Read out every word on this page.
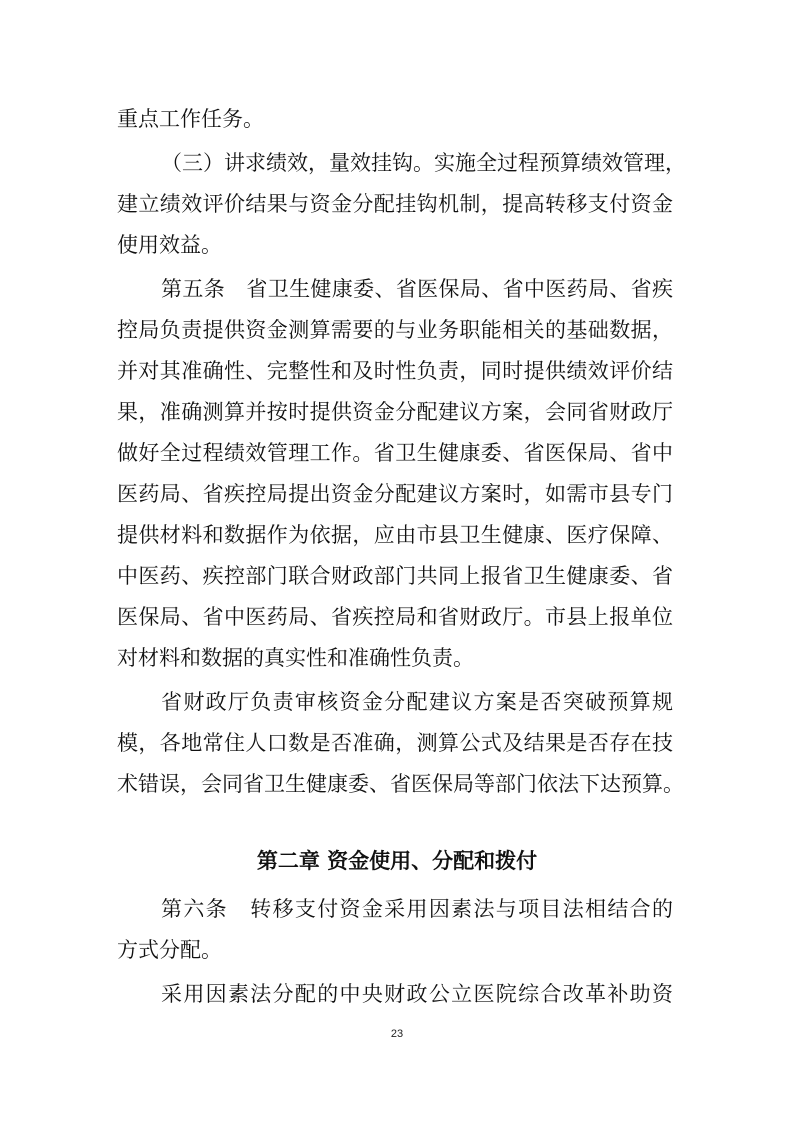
重点工作任务。
（三）讲求绩效，量效挂钩。实施全过程预算绩效管理，
建立绩效评价结果与资金分配挂钩机制，提高转移支付资金
使用效益。
第五条　省卫生健康委、省医保局、省中医药局、省疾
控局负责提供资金测算需要的与业务职能相关的基础数据，
并对其准确性、完整性和及时性负责，同时提供绩效评价结
果，准确测算并按时提供资金分配建议方案，会同省财政厅
做好全过程绩效管理工作。省卫生健康委、省医保局、省中
医药局、省疾控局提出资金分配建议方案时，如需市县专门
提供材料和数据作为依据，应由市县卫生健康、医疗保障、
中医药、疾控部门联合财政部门共同上报省卫生健康委、省
医保局、省中医药局、省疾控局和省财政厅。市县上报单位
对材料和数据的真实性和准确性负责。
省财政厅负责审核资金分配建议方案是否突破预算规
模，各地常住人口数是否准确，测算公式及结果是否存在技
术错误，会同省卫生健康委、省医保局等部门依法下达预算。
第二章 资金使用、分配和拨付
第六条　转移支付资金采用因素法与项目法相结合的
方式分配。
采用因素法分配的中央财政公立医院综合改革补助资
23
